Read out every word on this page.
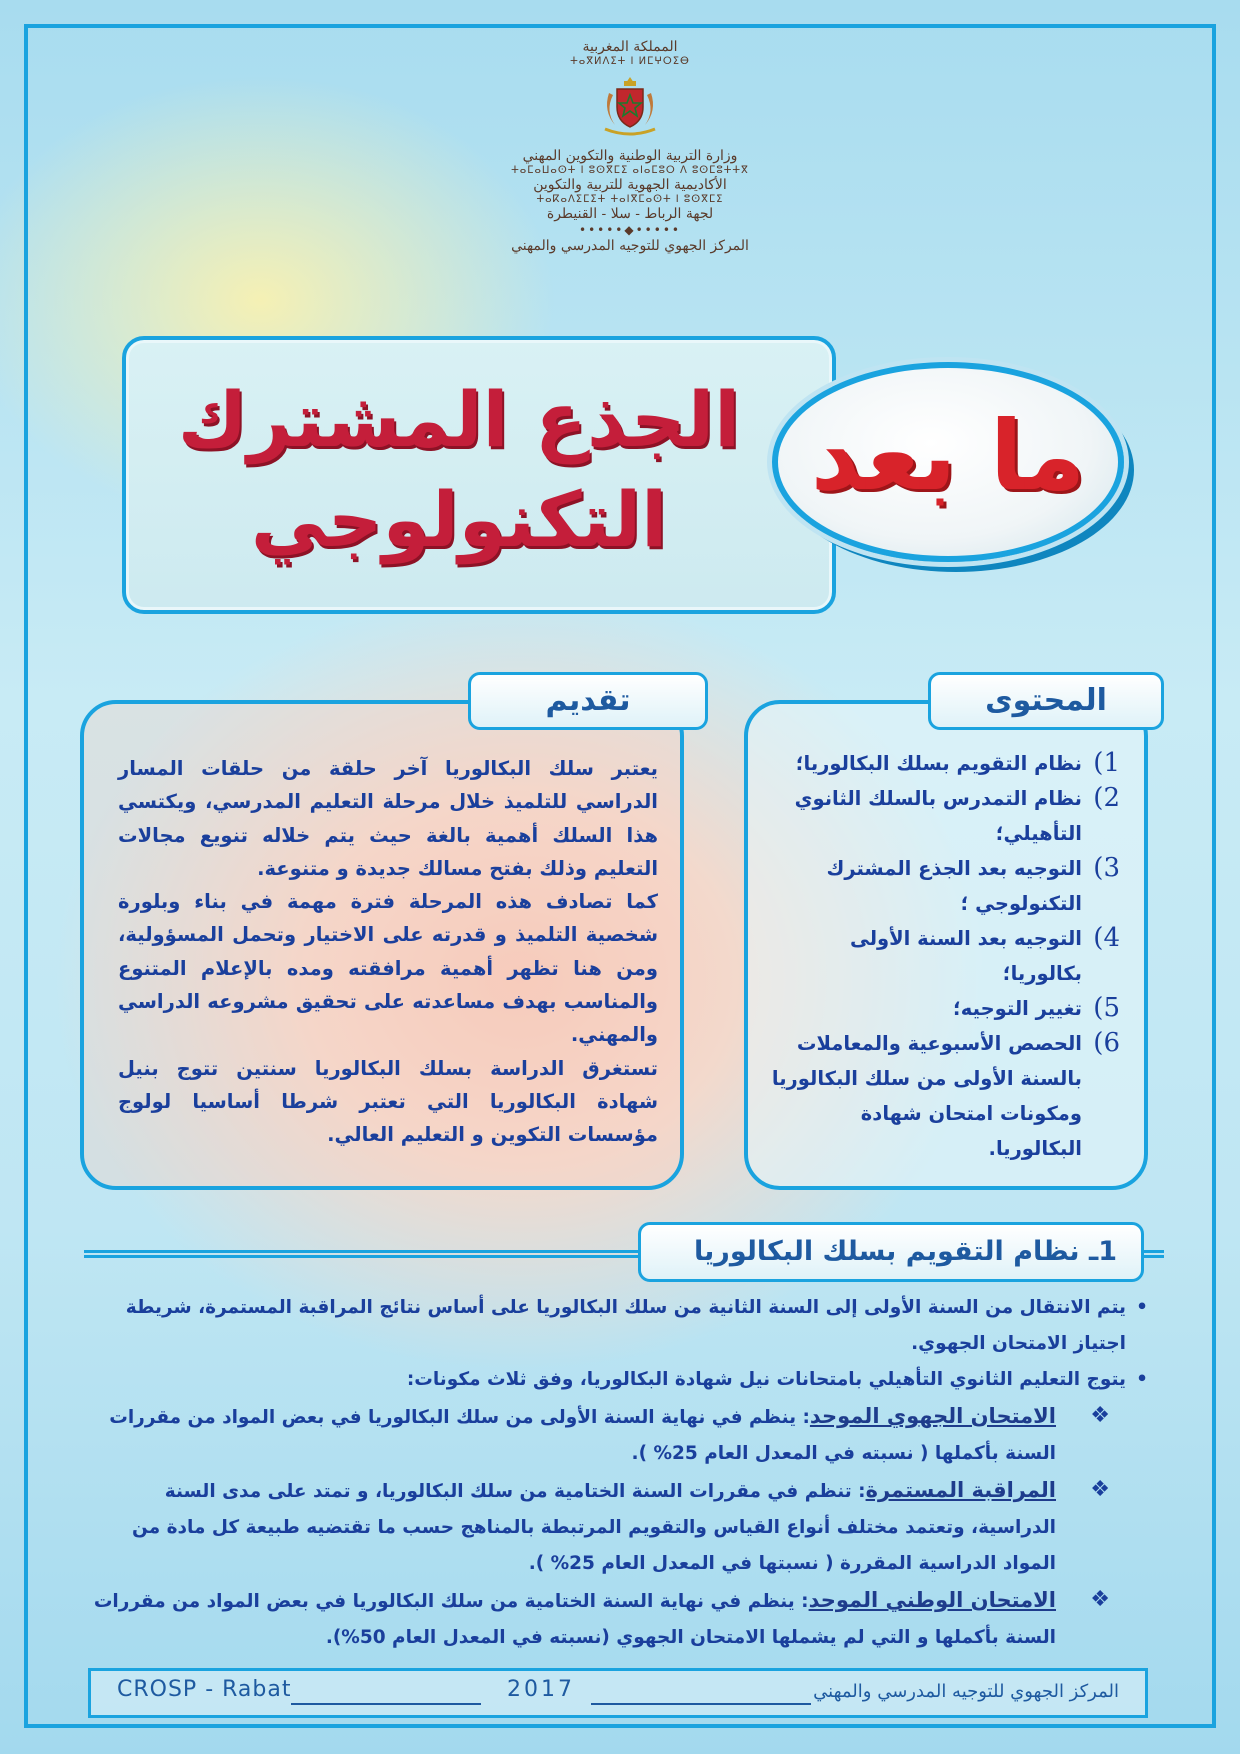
المملكة المغربية
ⵜⴰⴳⵍⴷⵉⵜ ⵏ ⵍⵎⵖⵔⵉⴱ
وزارة التربية الوطنية والتكوين المهني
ⵜⴰⵎⴰⵡⴰⵙⵜ ⵏ ⵓⵙⴳⵎⵉ ⴰⵏⴰⵎⵓⵔ ⴷ ⵓⵙⵎⵓⵜⵜⴳ
الأكاديمية الجهوية للتربية والتكوين
ⵜⴰⴽⴰⴷⵉⵎⵉⵜ ⵜⴰⵏⴳⵎⴰⵙⵜ ⵏ ⵓⵙⴳⵎⵉ
لجهة الرباط - سلا - القنيطرة
•••••◆•••••
المركز الجهوي للتوجيه المدرسي والمهني
الجذع المشترك
التكنولوجي
ما بعد
تقديم

يعتبر سلك البكالوريا آخر حلقة من حلقات المسار الدراسي للتلميذ خلال مرحلة التعليم المدرسي، ويكتسي هذا السلك أهمية بالغة حيث يتم خلاله تنويع مجالات التعليم وذلك بفتح مسالك جديدة و متنوعة.

كما تصادف هذه المرحلة فترة مهمة في بناء وبلورة شخصية التلميذ و قدرته على الاختيار وتحمل المسؤولية، ومن هنا تظهر أهمية مرافقته ومده بالإعلام المتنوع والمناسب بهدف مساعدته على تحقيق مشروعه الدراسي والمهني.

تستغرق الدراسة بسلك البكالوريا سنتين تتوج بنيل شهادة البكالوريا التي تعتبر شرطا أساسيا لولوج مؤسسات التكوين و التعليم العالي.

المحتوى
1)
نظام التقويم بسلك البكالوريا؛
2)
نظام التمدرس بالسلك الثانوي التأهيلي؛
3)
التوجيه بعد الجذع المشترك التكنولوجي ؛
4)
التوجيه بعد السنة الأولى بكالوريا؛
5)
تغيير التوجيه؛
6)
الحصص الأسبوعية والمعاملات بالسنة الأولى من سلك البكالوريا ومكونات امتحان شهادة البكالوريا.
1ـ نظام التقويم بسلك البكالوريا
• يتم الانتقال من السنة الأولى إلى السنة الثانية من سلك البكالوريا على أساس نتائج المراقبة المستمرة، شريطة اجتياز الامتحان الجهوي.
• يتوج التعليم الثانوي التأهيلي بامتحانات نيل شهادة البكالوريا، وفق ثلاث مكونات:
❖
الامتحان الجهوي الموحد: ينظم في نهاية السنة الأولى من سلك البكالوريا في بعض المواد من مقررات السنة بأكملها ( نسبته في المعدل العام 25% ).
❖
المراقبة المستمرة: تنظم في مقررات السنة الختامية من سلك البكالوريا، و تمتد على مدى السنة الدراسية، وتعتمد مختلف أنواع القياس والتقويم المرتبطة بالمناهج حسب ما تقتضيه طبيعة كل مادة من المواد الدراسية المقررة ( نسبتها في المعدل العام 25% ).
❖
الامتحان الوطني الموحد: ينظم في نهاية السنة الختامية من سلك البكالوريا في بعض المواد من مقررات السنة بأكملها و التي لم يشملها الامتحان الجهوي (نسبته في المعدل العام 50%).
CROSP - Rabat	2017	المركز الجهوي للتوجيه المدرسي والمهني
